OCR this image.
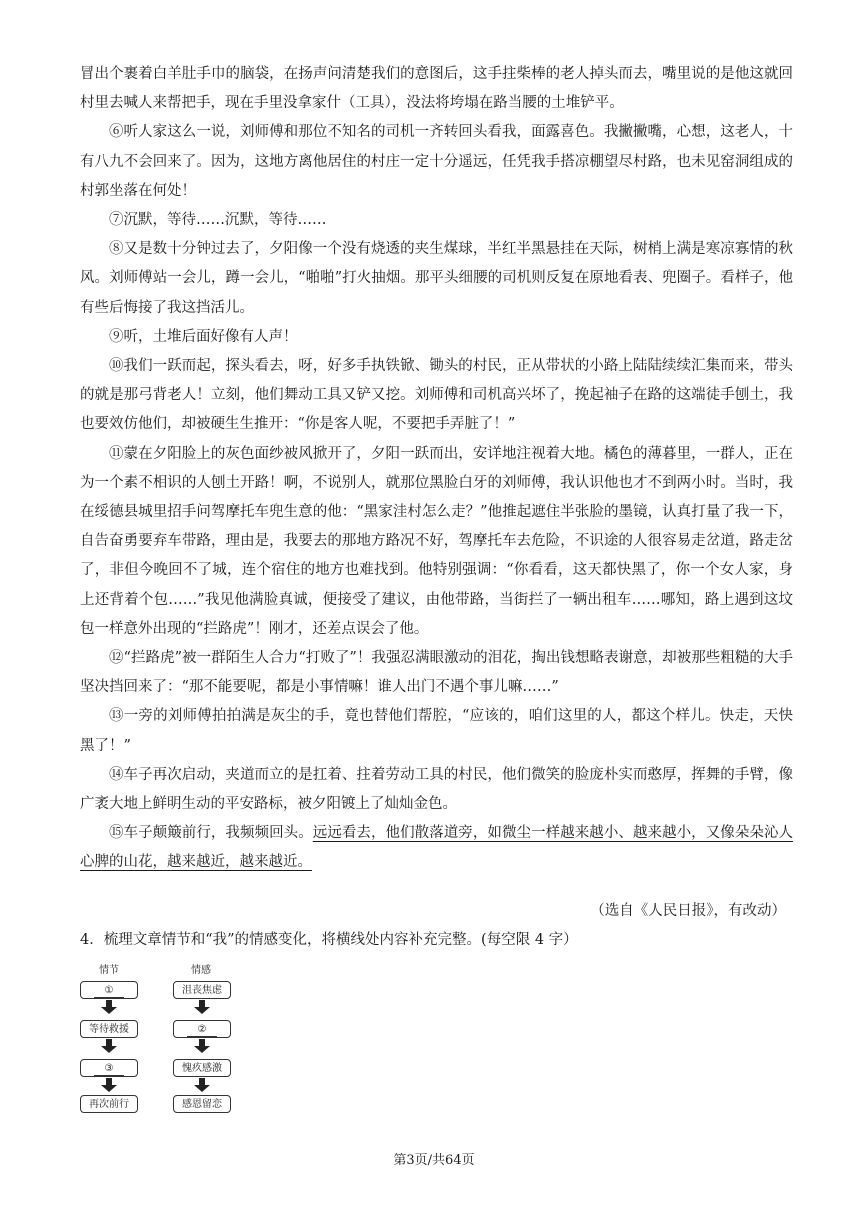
冒出个裹着白羊肚手巾的脑袋，在扬声问清楚我们的意图后，这手拄柴棒的老人掉头而去，嘴里说的是他这就回村里去喊人来帮把手，现在手里没拿家什（工具），没法将垮塌在路当腰的土堆铲平。

⑥听人家这么一说，刘师傅和那位不知名的司机一齐转回头看我，面露喜色。我撇撇嘴，心想，这老人，十有八九不会回来了。因为，这地方离他居住的村庄一定十分遥远，任凭我手搭凉棚望尽村路，也未见窑洞组成的村郭坐落在何处！

⑦沉默，等待……沉默，等待……

⑧又是数十分钟过去了，夕阳像一个没有烧透的夹生煤球，半红半黑悬挂在天际，树梢上满是寒凉寡情的秋风。刘师傅站一会儿，蹲一会儿，“啪啪”打火抽烟。那平头细腰的司机则反复在原地看表、兜圈子。看样子，他有些后悔接了我这挡活儿。

⑨听，土堆后面好像有人声！

⑩我们一跃而起，探头看去，呀，好多手执铁锨、锄头的村民，正从带状的小路上陆陆续续汇集而来，带头的就是那弓背老人！立刻，他们舞动工具又铲又挖。刘师傅和司机高兴坏了，挽起袖子在路的这端徒手刨土，我也要效仿他们，却被硬生生推开：“你是客人呢，不要把手弄脏了！”

⑪蒙在夕阳脸上的灰色面纱被风掀开了，夕阳一跃而出，安详地注视着大地。橘色的薄暮里，一群人，正在为一个素不相识的人刨土开路！啊，不说别人，就那位黑脸白牙的刘师傅，我认识他也才不到两小时。当时，我在绥德县城里招手问驾摩托车兜生意的他：“黑家洼村怎么走？”他推起遮住半张脸的墨镜，认真打量了我一下，自告奋勇要弃车带路，理由是，我要去的那地方路况不好，驾摩托车去危险，不识途的人很容易走岔道，路走岔了，非但今晚回不了城，连个宿住的地方也难找到。他特别强调：“你看看，这天都快黑了，你一个女人家，身上还背着个包……”我见他满脸真诚，便接受了建议，由他带路，当街拦了一辆出租车……哪知，路上遇到这坟包一样意外出现的“拦路虎”！刚才，还差点误会了他。

⑫“拦路虎”被一群陌生人合力“打败了”！我强忍满眼激动的泪花，掏出钱想略表谢意，却被那些粗糙的大手坚决挡回来了：“那不能要呢，都是小事情嘛！谁人出门不遇个事儿嘛……”

⑬一旁的刘师傅拍拍满是灰尘的手，竟也替他们帮腔，“应该的，咱们这里的人，都这个样儿。快走，天快黑了！”

⑭车子再次启动，夹道而立的是扛着、拄着劳动工具的村民，他们微笑的脸庞朴实而憨厚，挥舞的手臂，像广袤大地上鲜明生动的平安路标，被夕阳镀上了灿灿金色。

⑮车子颠簸前行，我频频回头。远远看去，他们散落道旁，如微尘一样越来越小、越来越小，又像朵朵沁人心脾的山花，越来越近，越来越近。

（选自《人民日报》，有改动）
4．梳理文章情节和“我”的情感变化，将横线处内容补充完整。(每空限 4 字）
情节	情感
①
等待救援
③
再次前行
沮丧焦虑
②
愧疚感激
感恩留恋
第3页/共64页
